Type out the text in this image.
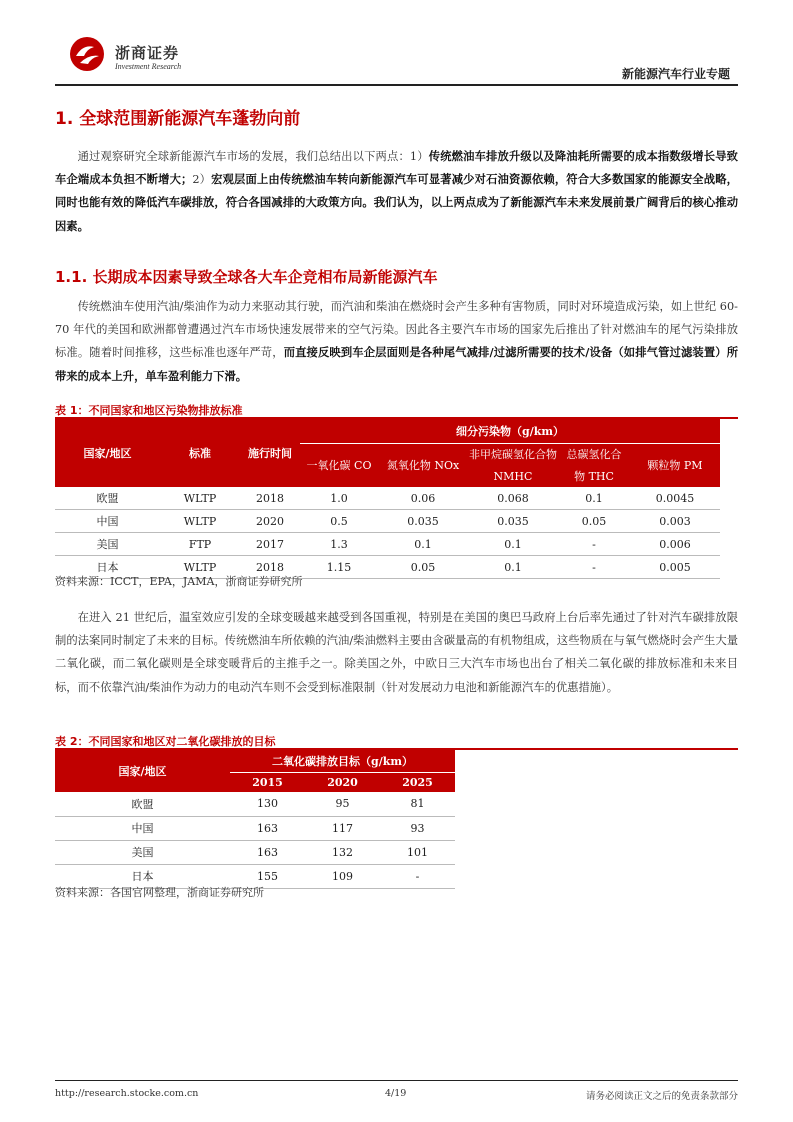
浙商证券
Investment Research
新能源汽车行业专题
1. 全球范围新能源汽车蓬勃向前
通过观察研究全球新能源汽车市场的发展，我们总结出以下两点：1）传统燃油车排放升级以及降油耗所需要的成本指数级增长导致车企端成本负担不断增大；2）宏观层面上由传统燃油车转向新能源汽车可显著减少对石油资源依赖，符合大多数国家的能源安全战略，同时也能有效的降低汽车碳排放，符合各国减排的大政策方向。我们认为，以上两点成为了新能源汽车未来发展前景广阔背后的核心推动因素。
1.1. 长期成本因素导致全球各大车企竞相布局新能源汽车
传统燃油车使用汽油/柴油作为动力来驱动其行驶，而汽油和柴油在燃烧时会产生多种有害物质，同时对环境造成污染，如上世纪 60-70 年代的美国和欧洲都曾遭遇过汽车市场快速发展带来的空气污染。因此各主要汽车市场的国家先后推出了针对燃油车的尾气污染排放标准。随着时间推移，这些标准也逐年严苛，而直接反映到车企层面则是各种尾气减排/过滤所需要的技术/设备（如排气管过滤装置）所带来的成本上升，单车盈利能力下滑。
表 1：不同国家和地区污染物排放标准
国家/地区	标准	施行时间	细分污染物（g/km）				
			一氧化碳 CO	氮氧化物 NOx	非甲烷碳氢化合物	总碳氢化合	颗粒物 PM
					NMHC	物 THC	
欧盟	WLTP	2018	1.0	0.06	0.068	0.1	0.0045
中国	WLTP	2020	0.5	0.035	0.035	0.05	0.003
美国	FTP	2017	1.3	0.1	0.1	-	0.006
日本	WLTP	2018	1.15	0.05	0.1	-	0.005
资料来源：ICCT，EPA，JAMA，浙商证券研究所
在进入 21 世纪后，温室效应引发的全球变暖越来越受到各国重视，特别是在美国的奥巴马政府上台后率先通过了针对汽车碳排放限制的法案同时制定了未来的目标。传统燃油车所依赖的汽油/柴油燃料主要由含碳量高的有机物组成，这些物质在与氧气燃烧时会产生大量二氧化碳，而二氧化碳则是全球变暖背后的主推手之一。除美国之外，中欧日三大汽车市场也出台了相关二氧化碳的排放标准和未来目标，而不依靠汽油/柴油作为动力的电动汽车则不会受到标准限制（针对发展动力电池和新能源汽车的优惠措施）。
表 2：不同国家和地区对二氧化碳排放的目标
国家/地区	二氧化碳排放目标（g/km）		
	2015	2020	2025
欧盟	130	95	81
中国	163	117	93
美国	163	132	101
日本	155	109	-
资料来源：各国官网整理，浙商证券研究所
http://research.stocke.com.cn	4/19	请务必阅读正文之后的免责条款部分
